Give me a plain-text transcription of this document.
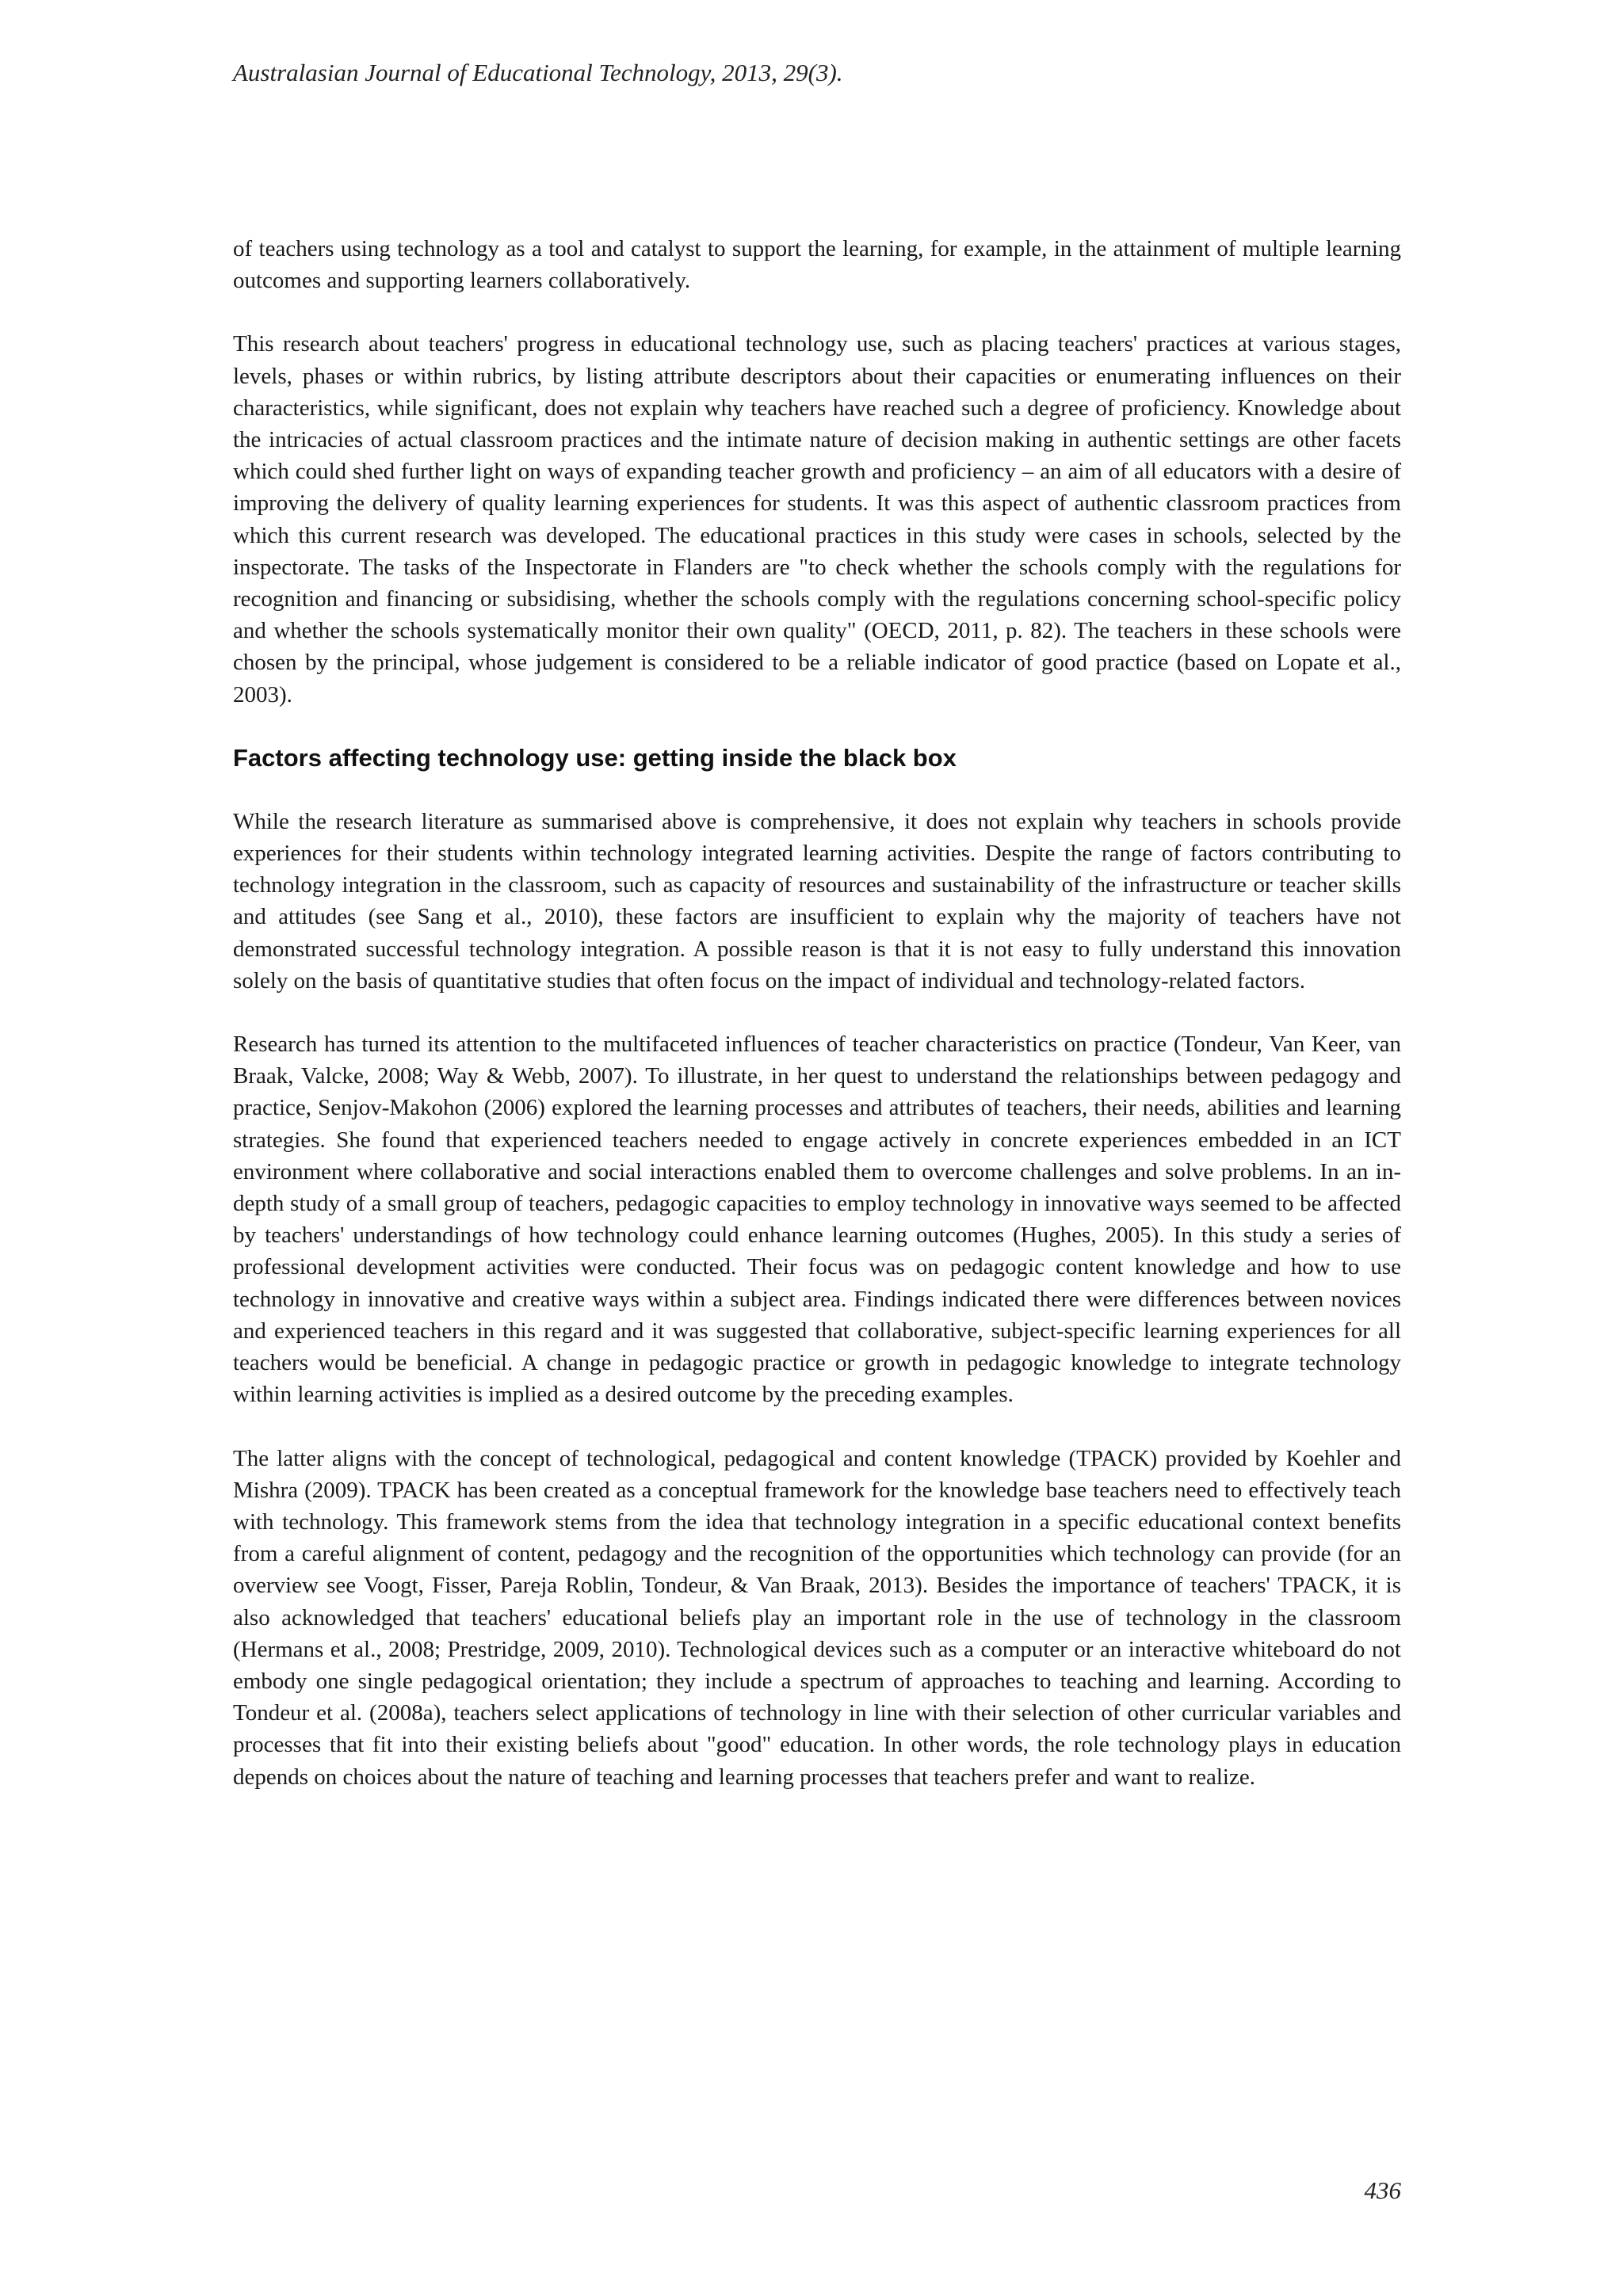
Australasian Journal of Educational Technology, 2013, 29(3).

of teachers using technology as a tool and catalyst to support the learning, for example, in the attainment of multiple learning outcomes and supporting learners collaboratively.

This research about teachers' progress in educational technology use, such as placing teachers' practices at various stages, levels, phases or within rubrics, by listing attribute descriptors about their capacities or enumerating influences on their characteristics, while significant, does not explain why teachers have reached such a degree of proficiency. Knowledge about the intricacies of actual classroom practices and the intimate nature of decision making in authentic settings are other facets which could shed further light on ways of expanding teacher growth and proficiency – an aim of all educators with a desire of improving the delivery of quality learning experiences for students. It was this aspect of authentic classroom practices from which this current research was developed. The educational practices in this study were cases in schools, selected by the inspectorate. The tasks of the Inspectorate in Flanders are "to check whether the schools comply with the regulations for recognition and financing or subsidising, whether the schools comply with the regulations concerning school-specific policy and whether the schools systematically monitor their own quality" (OECD, 2011, p. 82). The teachers in these schools were chosen by the principal, whose judgement is considered to be a reliable indicator of good practice (based on Lopate et al., 2003).

Factors affecting technology use: getting inside the black box

While the research literature as summarised above is comprehensive, it does not explain why teachers in schools provide experiences for their students within technology integrated learning activities. Despite the range of factors contributing to technology integration in the classroom, such as capacity of resources and sustainability of the infrastructure or teacher skills and attitudes (see Sang et al., 2010), these factors are insufficient to explain why the majority of teachers have not demonstrated successful technology integration. A possible reason is that it is not easy to fully understand this innovation solely on the basis of quantitative studies that often focus on the impact of individual and technology-related factors.

Research has turned its attention to the multifaceted influences of teacher characteristics on practice (Tondeur, Van Keer, van Braak, Valcke, 2008; Way & Webb, 2007). To illustrate, in her quest to understand the relationships between pedagogy and practice, Senjov-Makohon (2006) explored the learning processes and attributes of teachers, their needs, abilities and learning strategies. She found that experienced teachers needed to engage actively in concrete experiences embedded in an ICT environment where collaborative and social interactions enabled them to overcome challenges and solve problems. In an in-depth study of a small group of teachers, pedagogic capacities to employ technology in innovative ways seemed to be affected by teachers' understandings of how technology could enhance learning outcomes (Hughes, 2005). In this study a series of professional development activities were conducted. Their focus was on pedagogic content knowledge and how to use technology in innovative and creative ways within a subject area. Findings indicated there were differences between novices and experienced teachers in this regard and it was suggested that collaborative, subject-specific learning experiences for all teachers would be beneficial. A change in pedagogic practice or growth in pedagogic knowledge to integrate technology within learning activities is implied as a desired outcome by the preceding examples.

The latter aligns with the concept of technological, pedagogical and content knowledge (TPACK) provided by Koehler and Mishra (2009). TPACK has been created as a conceptual framework for the knowledge base teachers need to effectively teach with technology. This framework stems from the idea that technology integration in a specific educational context benefits from a careful alignment of content, pedagogy and the recognition of the opportunities which technology can provide (for an overview see Voogt, Fisser, Pareja Roblin, Tondeur, & Van Braak, 2013). Besides the importance of teachers' TPACK, it is also acknowledged that teachers' educational beliefs play an important role in the use of technology in the classroom (Hermans et al., 2008; Prestridge, 2009, 2010). Technological devices such as a computer or an interactive whiteboard do not embody one single pedagogical orientation; they include a spectrum of approaches to teaching and learning. According to Tondeur et al. (2008a), teachers select applications of technology in line with their selection of other curricular variables and processes that fit into their existing beliefs about "good" education. In other words, the role technology plays in education depends on choices about the nature of teaching and learning processes that teachers prefer and want to realize.

436
